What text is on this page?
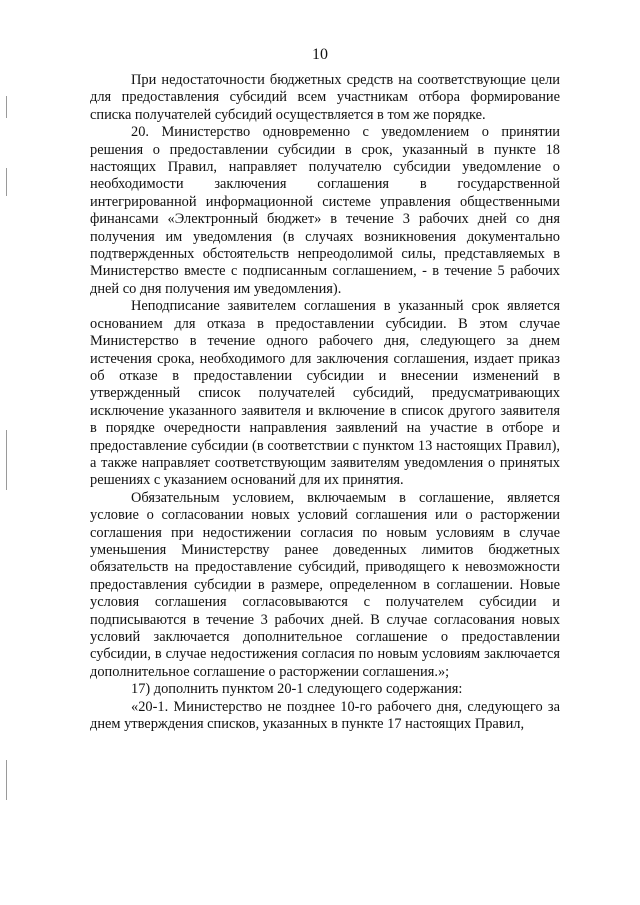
10

При недостаточности бюджетных средств на соответствующие цели для предоставления субсидий всем участникам отбора формирование списка получателей субсидий осуществляется в том же порядке.

20. Министерство одновременно с уведомлением о принятии решения о предоставлении субсидии в срок, указанный в пункте 18 настоящих Правил, направляет получателю субсидии уведомление о необходимости заключения соглашения в государственной интегрированной информационной системе управления общественными финансами «Электронный бюджет» в течение 3 рабочих дней со дня получения им уведомления (в случаях возникновения документально подтвержденных обстоятельств непреодолимой силы, представляемых в Министерство вместе с подписанным соглашением, - в течение 5 рабочих дней со дня получения им уведомления).

Неподписание заявителем соглашения в указанный срок является основанием для отказа в предоставлении субсидии. В этом случае Министерство в течение одного рабочего дня, следующего за днем истечения срока, необходимого для заключения соглашения, издает приказ об отказе в предоставлении субсидии и внесении изменений в утвержденный список получателей субсидий, предусматривающих исключение указанного заявителя и включение в список другого заявителя в порядке очередности направления заявлений на участие в отборе и предоставление субсидии (в соответствии с пунктом 13 настоящих Правил), а также направляет соответствующим заявителям уведомления о принятых решениях с указанием оснований для их принятия.

Обязательным условием, включаемым в соглашение, является условие о согласовании новых условий соглашения или о расторжении соглашения при недостижении согласия по новым условиям в случае уменьшения Министерству ранее доведенных лимитов бюджетных обязательств на предоставление субсидий, приводящего к невозможности предоставления субсидии в размере, определенном в соглашении. Новые условия соглашения согласовываются с получателем субсидии и подписываются в течение 3 рабочих дней. В случае согласования новых условий заключается дополнительное соглашение о предоставлении субсидии, в случае недостижения согласия по новым условиям заключается дополнительное соглашение о расторжении соглашения.»;

17) дополнить пунктом 20-1 следующего содержания:

«20-1. Министерство не позднее 10-го рабочего дня, следующего за днем утверждения списков, указанных в пункте 17 настоящих Правил,
